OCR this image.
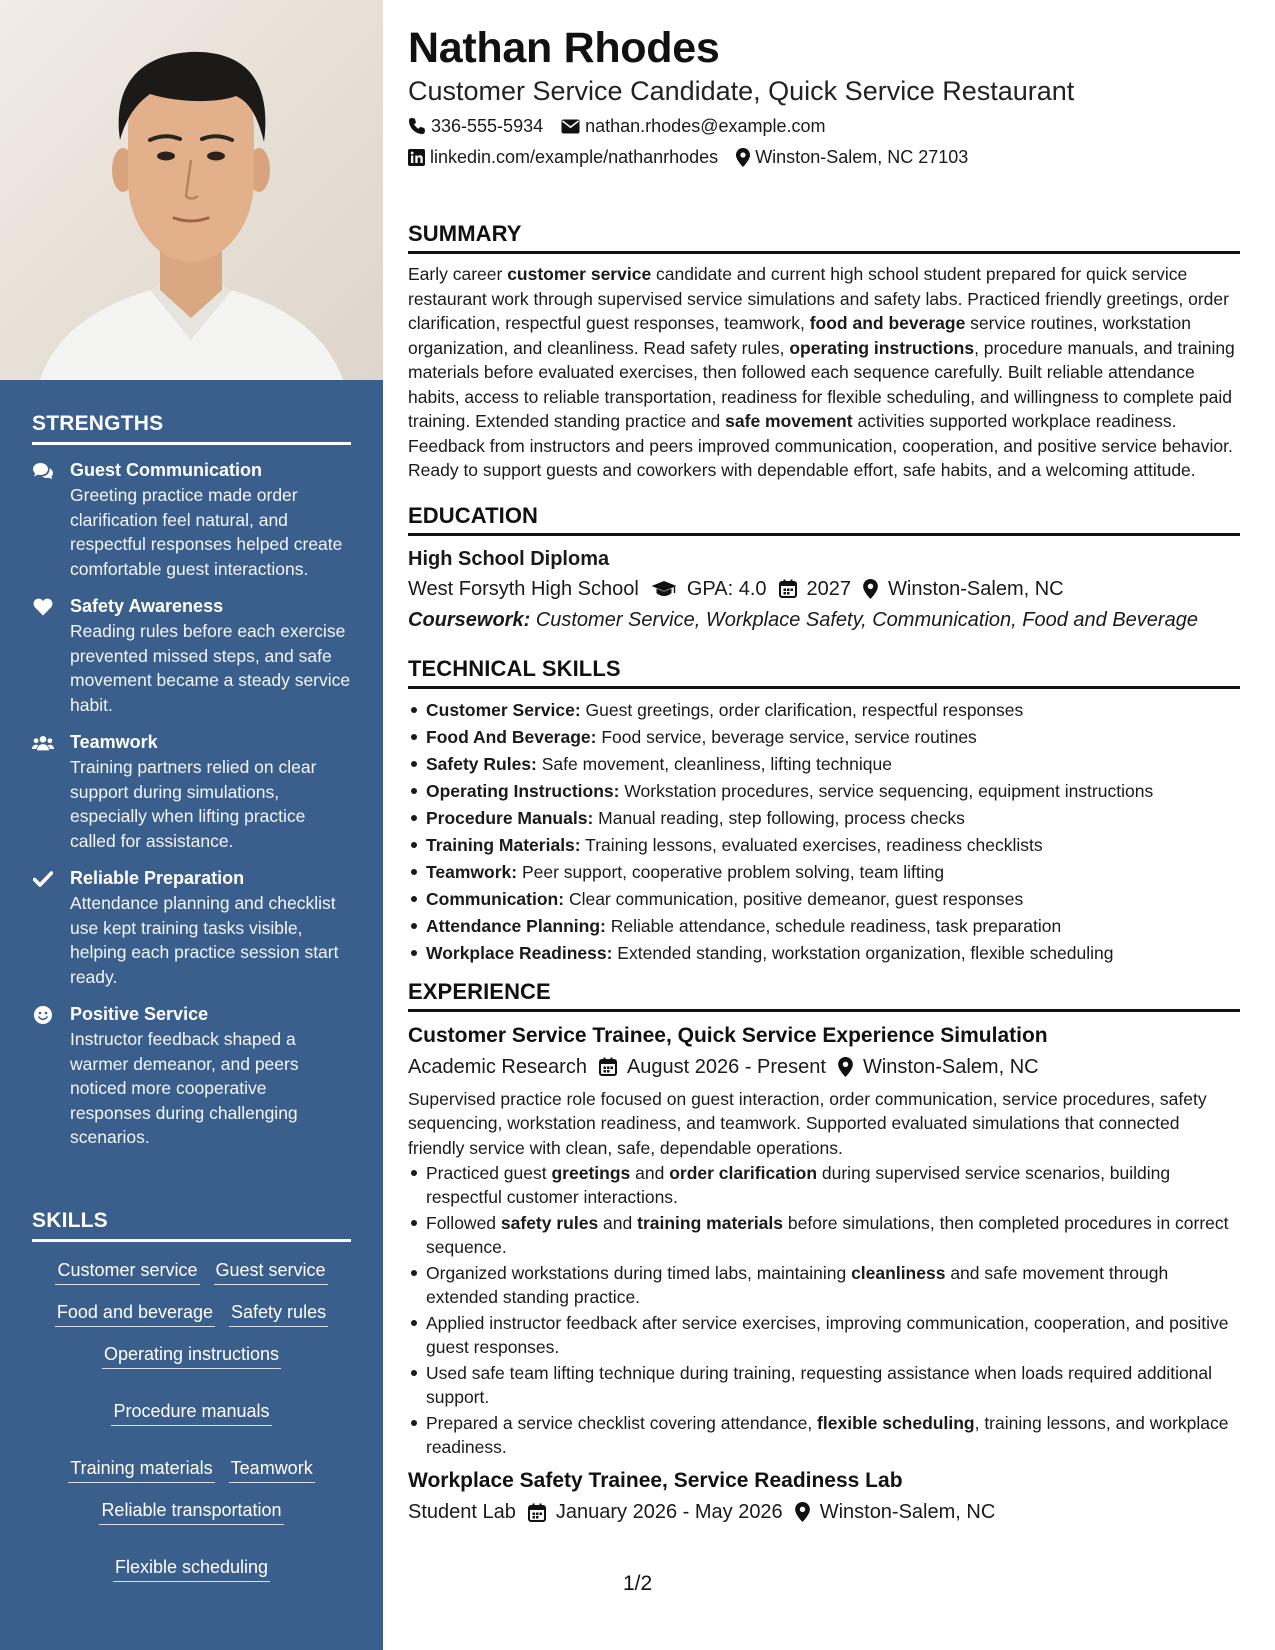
STRENGTHS
Guest Communication
Greeting practice made order clarification feel natural, and respectful responses helped create comfortable guest interactions.
Safety Awareness
Reading rules before each exercise prevented missed steps, and safe movement became a steady service habit.
Teamwork
Training partners relied on clear support during simulations, especially when lifting practice called for assistance.
Reliable Preparation
Attendance planning and checklist use kept training tasks visible, helping each practice session start ready.
Positive Service
Instructor feedback shaped a warmer demeanor, and peers noticed more cooperative responses during challenging scenarios.
SKILLS
Customer service Guest service
Food and beverage Safety rules
Operating instructions
Procedure manuals
Training materials Teamwork
Reliable transportation
Flexible scheduling
Nathan Rhodes
Customer Service Candidate, Quick Service Restaurant
336-555-5934 nathan.rhodes@example.com
linkedin.com/example/nathanrhodes Winston-Salem, NC 27103
SUMMARY

Early career customer service candidate and current high school student prepared for quick service restaurant work through supervised service simulations and safety labs. Practiced friendly greetings, order clarification, respectful guest responses, teamwork, food and beverage service routines, workstation organization, and cleanliness. Read safety rules, operating instructions, procedure manuals, and training materials before evaluated exercises, then followed each sequence carefully. Built reliable attendance habits, access to reliable transportation, readiness for flexible scheduling, and willingness to complete paid training. Extended standing practice and safe movement activities supported workplace readiness. Feedback from instructors and peers improved communication, cooperation, and positive service behavior. Ready to support guests and coworkers with dependable effort, safe habits, and a welcoming attitude.

EDUCATION
High School Diploma
West Forsyth High School GPA: 4.0 2027 Winston-Salem, NC
Coursework: Customer Service, Workplace Safety, Communication, Food and Beverage
TECHNICAL SKILLS
Customer Service: Guest greetings, order clarification, respectful responses
Food And Beverage: Food service, beverage service, service routines
Safety Rules: Safe movement, cleanliness, lifting technique
Operating Instructions: Workstation procedures, service sequencing, equipment instructions
Procedure Manuals: Manual reading, step following, process checks
Training Materials: Training lessons, evaluated exercises, readiness checklists
Teamwork: Peer support, cooperative problem solving, team lifting
Communication: Clear communication, positive demeanor, guest responses
Attendance Planning: Reliable attendance, schedule readiness, task preparation
Workplace Readiness: Extended standing, workstation organization, flexible scheduling
EXPERIENCE
Customer Service Trainee, Quick Service Experience Simulation
Academic Research August 2026 - Present Winston-Salem, NC

Supervised practice role focused on guest interaction, order communication, service procedures, safety sequencing, workstation readiness, and teamwork. Supported evaluated simulations that connected friendly service with clean, safe, dependable operations.

Practiced guest greetings and order clarification during supervised service scenarios, building respectful customer interactions.
Followed safety rules and training materials before simulations, then completed procedures in correct sequence.
Organized workstations during timed labs, maintaining cleanliness and safe movement through extended standing practice.
Applied instructor feedback after service exercises, improving communication, cooperation, and positive guest responses.
Used safe team lifting technique during training, requesting assistance when loads required additional support.
Prepared a service checklist covering attendance, flexible scheduling, training lessons, and workplace readiness.
Workplace Safety Trainee, Service Readiness Lab
Student Lab January 2026 - May 2026 Winston-Salem, NC
1/2
